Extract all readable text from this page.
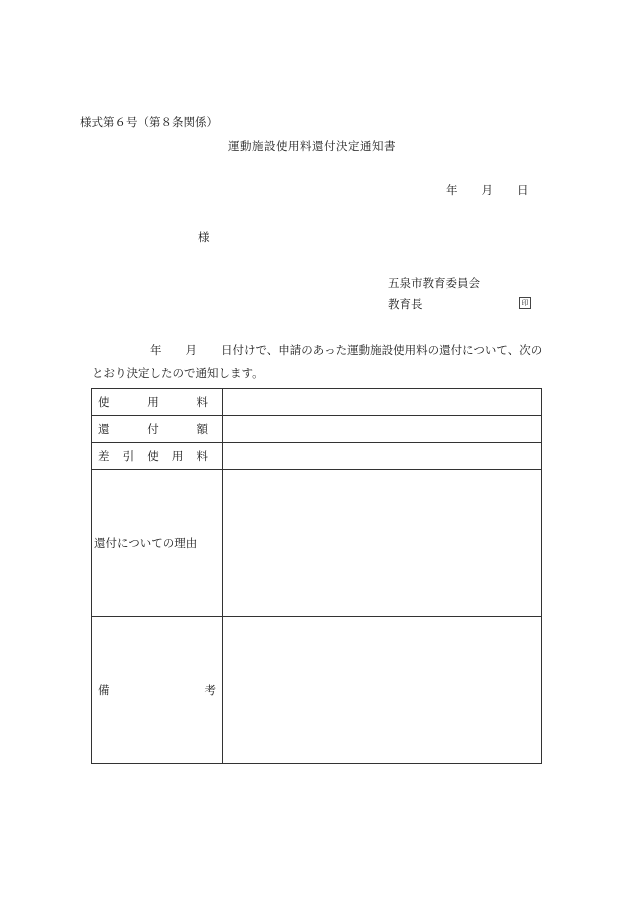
様式第６号（第８条関係）
運動施設使用料還付決定通知書
年 月 日
様
五泉市教育委員会
教育長	印
年 月 日付けで、申請のあった運動施設使用料の還付について、次の
とおり決定したので通知します。
使 用 料	

還 付 額	

差 引 使 用 料	

還付についての理由	

備 考	
